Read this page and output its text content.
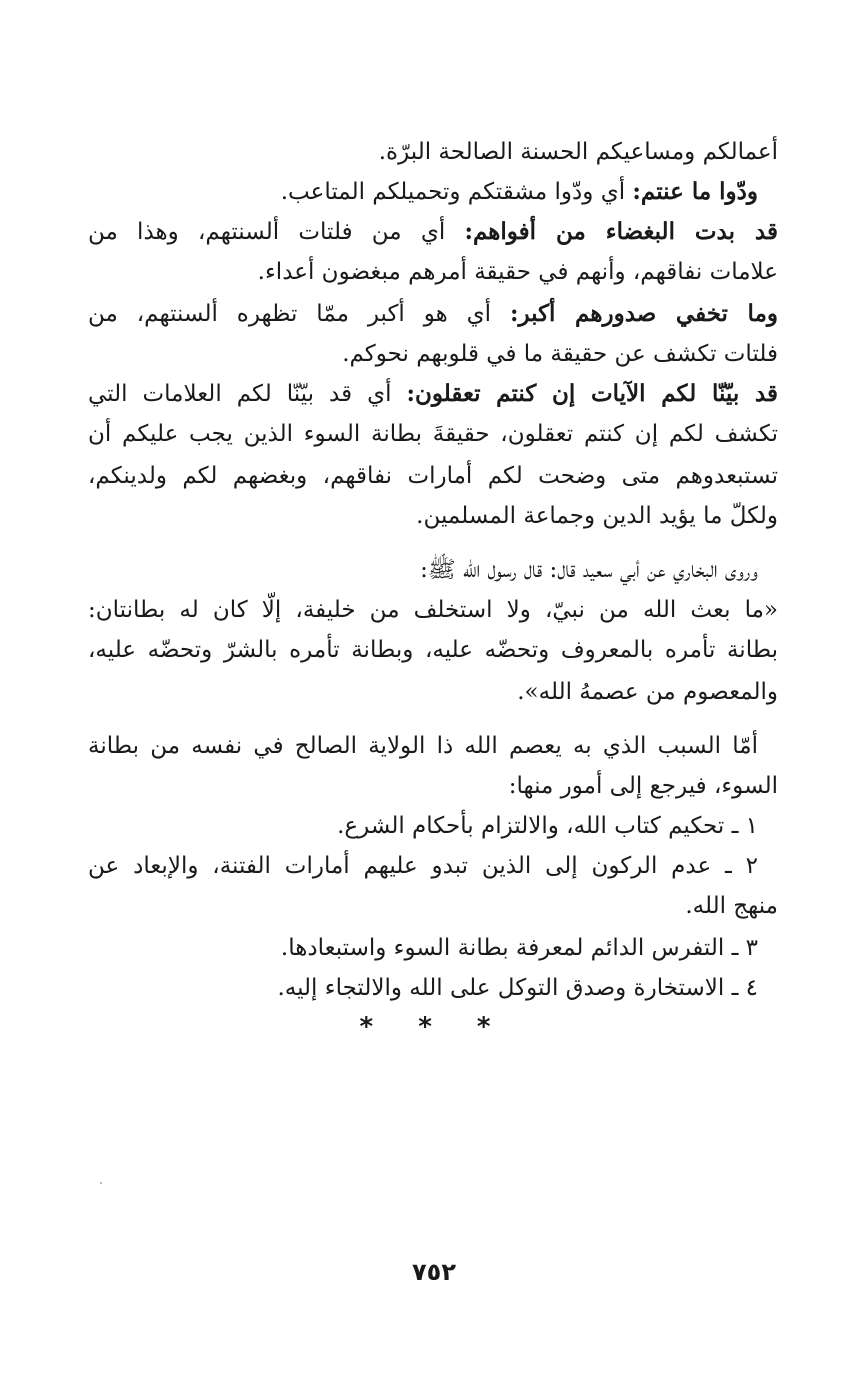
أعمالكم ومساعيكم الحسنة الصالحة البرّة.
ودّوا ما عنتم: أي ودّوا مشقتكم وتحميلكم المتاعب.
قد بدت البغضاء من أفواهم: أي من فلتات ألسنتهم، وهذا من
علامات نفاقهم، وأنهم في حقيقة أمرهم مبغضون أعداء.
وما تخفي صدورهم أكبر: أي هو أكبر ممّا تظهره ألسنتهم، من
فلتات تكشف عن حقيقة ما في قلوبهم نحوكم.
قد بيّنّا لكم الآيات إن كنتم تعقلون: أي قد بيّنّا لكم العلامات التي
تكشف لكم إن كنتم تعقلون، حقيقةَ بطانة السوء الذين يجب عليكم أن
تستبعدوهم متى وضحت لكم أمارات نفاقهم، وبغضهم لكم ولدينكم،
ولكلّ ما يؤيد الدين وجماعة المسلمين.
وروى البخاري عن أبي سعيد قال: قال رسول الله ﷺ:
«ما بعث الله من نبيّ، ولا استخلف من خليفة، إلّا كان له بطانتان:
بطانة تأمره بالمعروف وتحضّه عليه، وبطانة تأمره بالشرّ وتحضّه عليه،
والمعصوم من عصمهُ الله».
أمّا السبب الذي به يعصم الله ذا الولاية الصالح في نفسه من بطانة
السوء، فيرجع إلى أمور منها:
١ ـ تحكيم كتاب الله، والالتزام بأحكام الشرع.
٢ ـ عدم الركون إلى الذين تبدو عليهم أمارات الفتنة، والإبعاد عن
منهج الله.
٣ ـ التفرس الدائم لمعرفة بطانة السوء واستبعادها.
٤ ـ الاستخارة وصدق التوكل على الله والالتجاء إليه.
* * *
٧٥٢
